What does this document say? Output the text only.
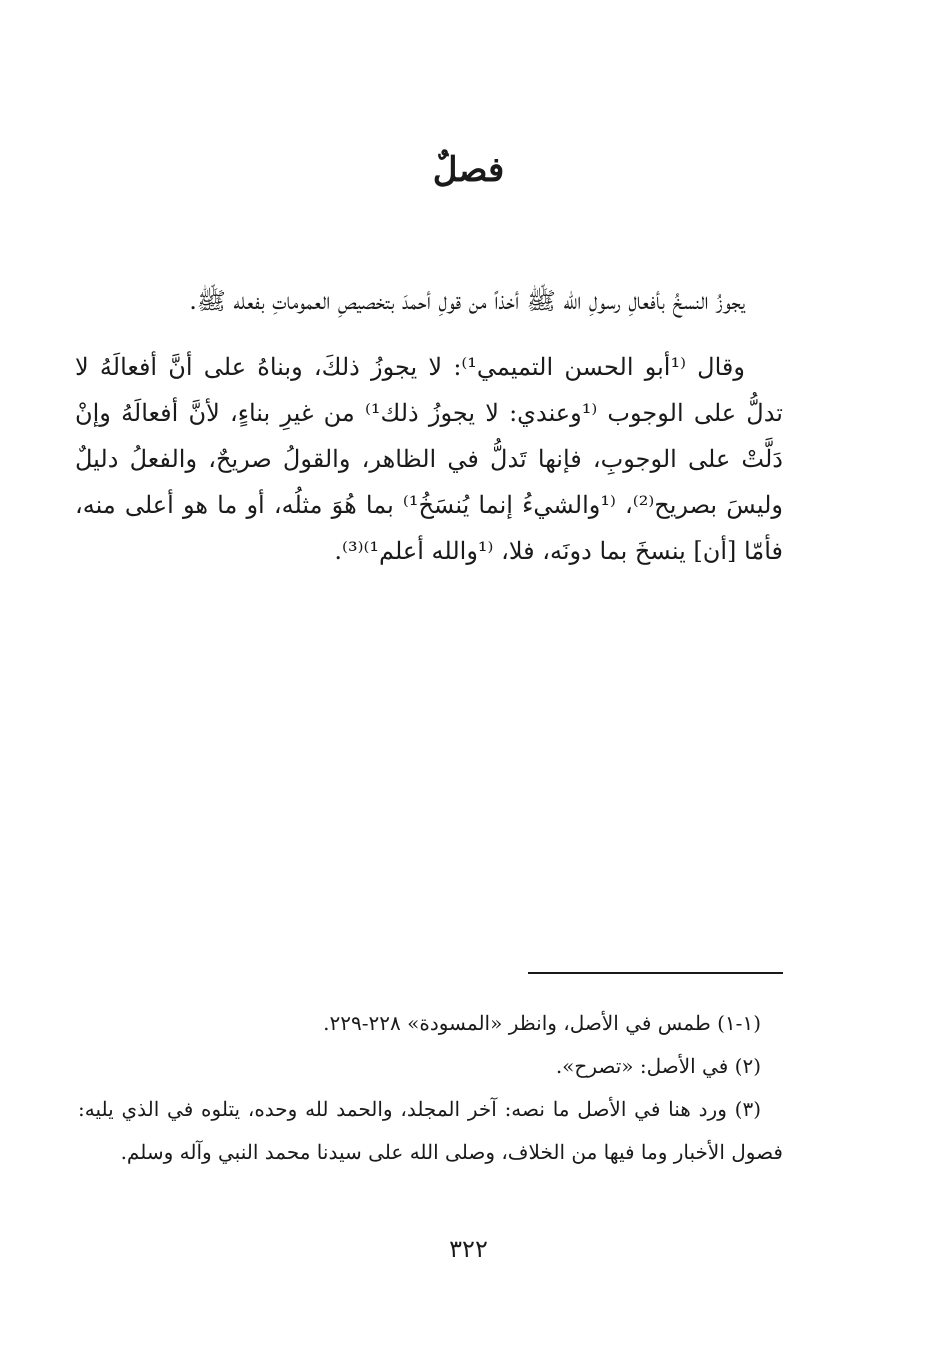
فصلٌ

يجوزُ النسخُ بأفعالِ رسولِ الله ﷺ أخذاً من قولِ أحمدَ بتخصيصِ العموماتِ بفعله ﷺ.

وقال ⁽¹أبو الحسن التميمي¹⁾: لا يجوزُ ذلكَ، وبناهُ على أنَّ أفعالَهُ لا تدلُّ على الوجوب ⁽¹وعندي: لا يجوزُ ذلك¹⁾ من غيرِ بناءٍ، لأنَّ أفعالَهُ وإنْ دَلَّتْ على الوجوبِ، فإنها تَدلُّ في الظاهر، والقولُ صريحٌ، والفعلُ دليلٌ وليسَ بصريح⁽²⁾، ⁽¹والشيءُ إنما يُنسَخُ¹⁾ بما هُوَ مثلُه، أو ما هو أعلى منه، فأمّا [أن] ينسخَ بما دونَه، فلا، ⁽¹والله أعلم¹⁾⁽³⁾.

(١-١) طمس في الأصل، وانظر «المسودة» ٢٢٨-٢٢٩.

(٢) في الأصل: «تصرح».

(٣) ورد هنا في الأصل ما نصه: آخر المجلد، والحمد لله وحده، يتلوه في الذي يليه: فصول الأخبار وما فيها من الخلاف، وصلى الله على سيدنا محمد النبي وآله وسلم.

٣٢٢
